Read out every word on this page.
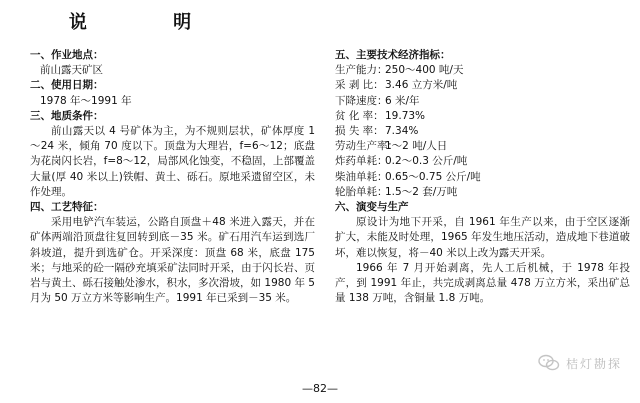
说 明
一、作业地点：
前山露天矿区
二、使用日期：
1978 年～1991 年
三、地质条件：
前山露天以 4 号矿体为主，为不规则层状，矿体厚度 1～24 米，倾角 70 度以下。顶盘为大理岩，f=6～12；底盘为花岗闪长岩，f=8～12，局部风化蚀变，不稳固，上部覆盖大量(厚 40 米以上)铁帽、黄土、砾石。原地采遗留空区，未作处理。
四、工艺特征：
采用电铲汽车装运，公路自顶盘＋48 米进入露天，并在矿体两端沿顶盘往复回转到底－35 米。矿石用汽车运到选厂斜坡道，提升到选矿仓。开采深度：顶盘 68 米，底盘 175 米；与地采的砼一隔砂充填采矿法同时开采，由于闪长岩、页岩与黄土、砾石接触处渗水，积水，多次滑坡，如 1980 年 5 月为 50 万立方米等影响生产。1991 年已采到－35 米。
五、主要技术经济指标：
生产能力：
250～400 吨/天
采 剥 比： 3.46 立方米/吨
下降速度：
6 米/年
贫 化 率： 19.73%
损 失 率： 7.34%
劳动生产率：
1～2 吨/人日
炸药单耗：
0.2～0.3 公斤/吨
柴油单耗：
0.65～0.75 公斤/吨
轮胎单耗：
1.5～2 套/万吨
六、演变与生产
原设计为地下开采，自 1961 年生产以来，由于空区逐渐扩大，未能及时处理，1965 年发生地压活动，造成地下巷道破坏，难以恢复，将－40 米以上改为露天开采。
1966 年 7 月开始剥离，先人工后机械，于 1978 年投产，到 1991 年止，共完成剥离总量 478 万立方米，采出矿总量 138 万吨，含铜量 1.8 万吨。
桔灯勘探
—82—
